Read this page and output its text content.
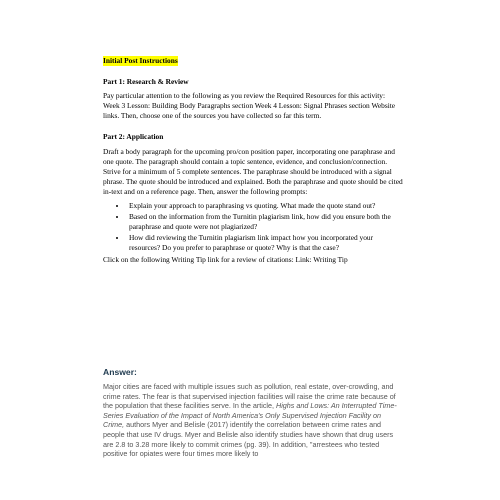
Initial Post Instructions
Part 1: Research & Review

Pay particular attention to the following as you review the Required Resources for this activity: Week 3 Lesson: Building Body Paragraphs section Week 4 Lesson: Signal Phrases section Website links. Then, choose one of the sources you have collected so far this term.

Part 2: Application

Draft a body paragraph for the upcoming pro/con position paper, incorporating one paraphrase and one quote. The paragraph should contain a topic sentence, evidence, and conclusion/connection. Strive for a minimum of 5 complete sentences. The paraphrase should be introduced with a signal phrase. The quote should be introduced and explained. Both the paraphrase and quote should be cited in-text and on a reference page. Then, answer the following prompts:

• Explain your approach to paraphrasing vs quoting. What made the quote stand out?
• Based on the information from the Turnitin plagiarism link, how did you ensure both the paraphrase and quote were not plagiarized?
• How did reviewing the Turnitin plagiarism link impact how you incorporated your resources? Do you prefer to paraphrase or quote? Why is that the case?

Click on the following Writing Tip link for a review of citations: Link: Writing Tip

Answer:
Major cities are faced with multiple issues such as pollution, real estate, over-crowding, and crime rates. The fear is that supervised injection facilities will raise the crime rate because of the population that these facilities serve. In the article, Highs and Lows: An Interrupted Time-Series Evaluation of the Impact of North America's Only Supervised Injection Facility on Crime, authors Myer and Belisle (2017) identify the correlation between crime rates and people that use IV drugs. Myer and Belisle also identify studies have shown that drug users are 2.8 to 3.28 more likely to commit crimes (pg. 39). In addition, "arrestees who tested positive for opiates were four times more likely to
